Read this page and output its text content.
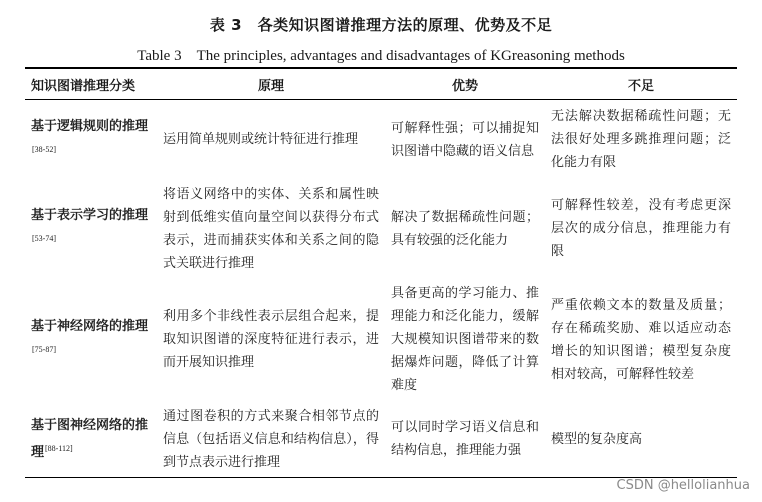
表 3　各类知识图谱推理方法的原理、优势及不足
Table 3　The principles, advantages and disadvantages of KGreasoning methods
知识图谱推理分类	原理	优势	不足
基于逻辑规则的推理[38-52]	运用简单规则或统计特征进行推理	可解释性强；可以捕捉知识图谱中隐藏的语义信息	无法解决数据稀疏性问题；无法很好处理多跳推理问题；泛化能力有限
基于表示学习的推理[53-74]	将语义网络中的实体、关系和属性映射到低维实值向量空间以获得分布式表示，进而捕获实体和关系之间的隐式关联进行推理	解决了数据稀疏性问题；具有较强的泛化能力	可解释性较差，没有考虑更深层次的成分信息，推理能力有限
基于神经网络的推理[75-87]	利用多个非线性表示层组合起来，提取知识图谱的深度特征进行表示，进而开展知识推理	具备更高的学习能力、推理能力和泛化能力，缓解大规模知识图谱带来的数据爆炸问题，降低了计算难度	严重依赖文本的数量及质量；存在稀疏奖励、难以适应动态增长的知识图谱；模型复杂度相对较高，可解释性较差
基于图神经网络的推理[88-112]	通过图卷积的方式来聚合相邻节点的信息（包括语义信息和结构信息），得到节点表示进行推理	可以同时学习语义信息和结构信息，推理能力强	模型的复杂度高
CSDN @hellolianhua
